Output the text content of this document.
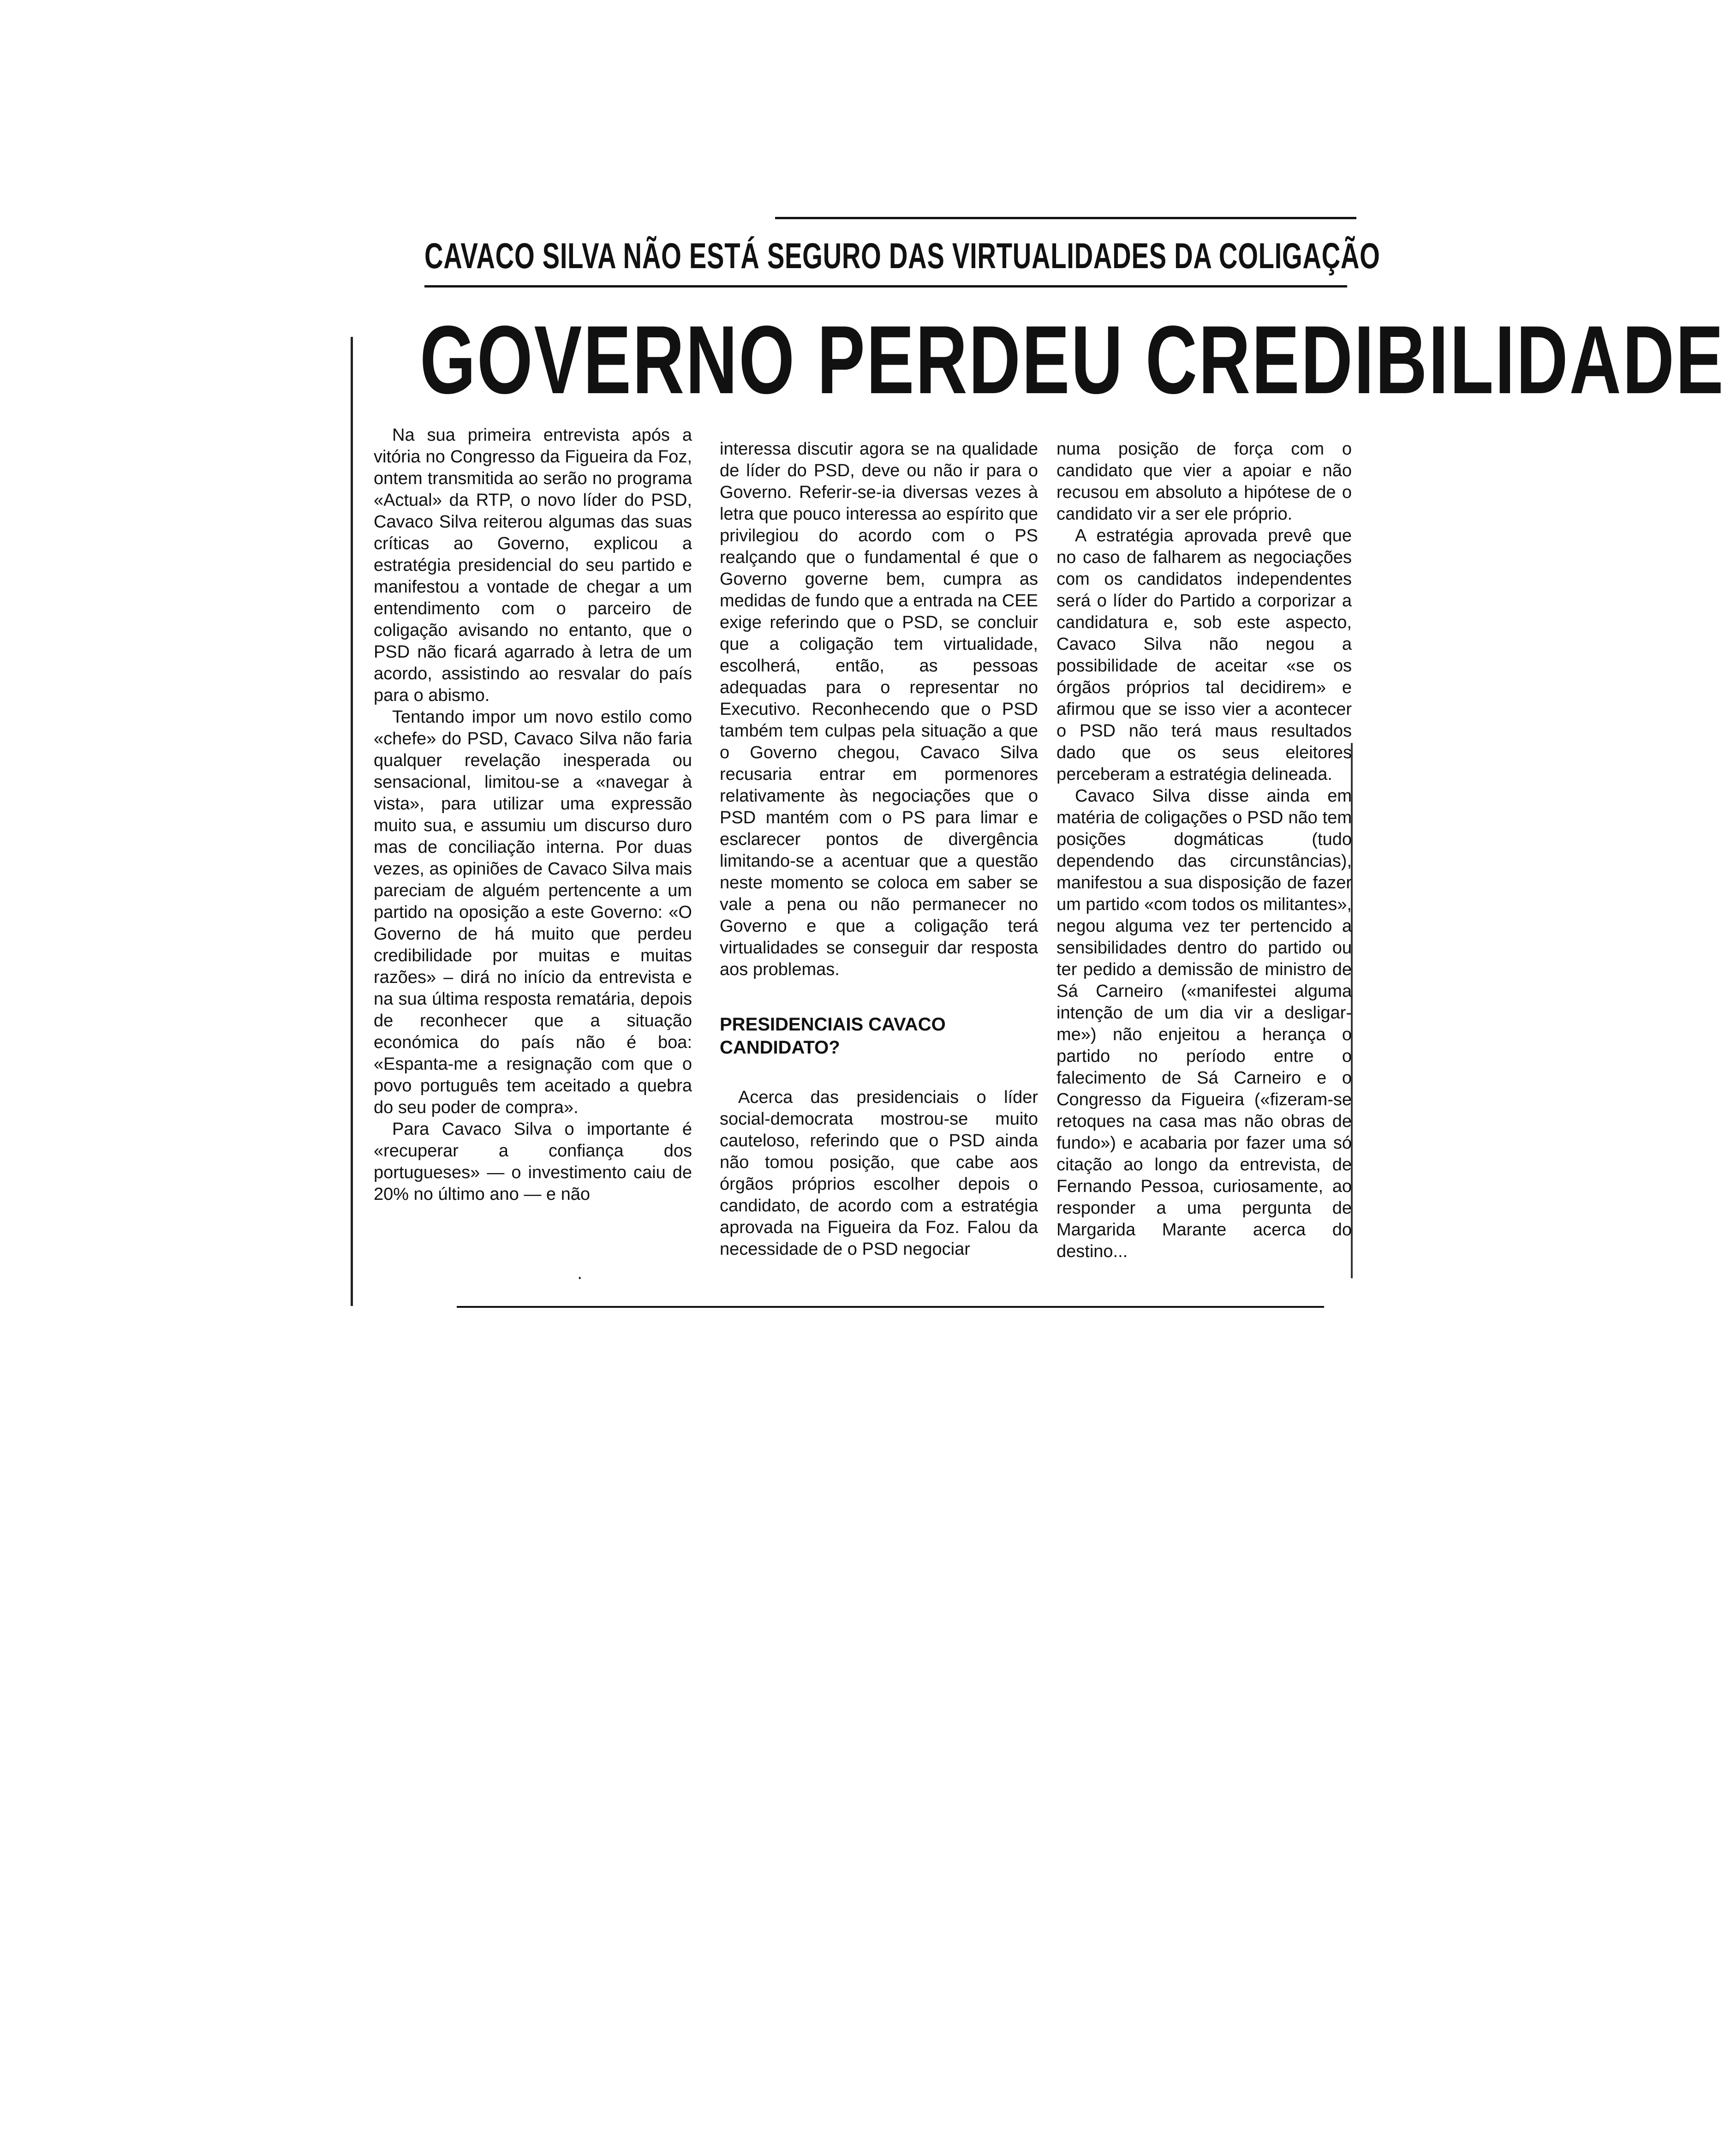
CAVACO SILVA NÃO ESTÁ SEGURO DAS VIRTUALIDADES DA COLIGAÇÃO
GOVERNO PERDEU CREDIBILIDADE

Na sua primeira entrevista após a vitória no Congresso da Figueira da Foz, ontem transmitida ao serão no programa «Actual» da RTP, o novo líder do PSD, Cavaco Silva reiterou algumas das suas críticas ao Governo, explicou a estratégia presidencial do seu partido e manifestou a vontade de chegar a um entendimento com o parceiro de coligação avisando no entanto, que o PSD não ficará agarrado à letra de um acordo, assistindo ao resvalar do país para o abismo.

Tentando impor um novo estilo como «chefe» do PSD, Cavaco Silva não faria qualquer revelação inesperada ou sensacional, limitou-se a «navegar à vista», para utilizar uma expressão muito sua, e assumiu um discurso duro mas de conciliação interna. Por duas vezes, as opiniões de Cavaco Silva mais pareciam de alguém pertencente a um partido na oposição a este Governo: «O Governo de há muito que perdeu credibilidade por muitas e muitas razões» – dirá no início da entrevista e na sua última resposta rematária, depois de reconhecer que a situação económica do país não é boa: «Espanta-me a resignação com que o povo português tem aceitado a quebra do seu poder de compra».

Para Cavaco Silva o importante é «recuperar a confiança dos portugueses» — o investimento caiu de 20% no último ano — e não

interessa discutir agora se na qualidade de líder do PSD, deve ou não ir para o Governo. Referir-se-ia diversas vezes à letra que pouco interessa ao espírito que privilegiou do acordo com o PS realçando que o fundamental é que o Governo governe bem, cumpra as medidas de fundo que a entrada na CEE exige referindo que o PSD, se concluir que a coligação tem virtualidade, escolherá, então, as pessoas adequadas para o representar no Executivo. Reconhecendo que o PSD também tem culpas pela situação a que o Governo chegou, Cavaco Silva recusaria entrar em pormenores relativamente às negociações que o PSD mantém com o PS para limar e esclarecer pontos de divergência limitando-se a acentuar que a questão neste momento se coloca em saber se vale a pena ou não permanecer no Governo e que a coligação terá virtualidades se conseguir dar resposta aos problemas.

PRESIDENCIAIS CAVACO CANDIDATO?

Acerca das presidenciais o líder social-democrata mostrou-se muito cauteloso, referindo que o PSD ainda não tomou posição, que cabe aos órgãos próprios escolher depois o candidato, de acordo com a estratégia aprovada na Figueira da Foz. Falou da necessidade de o PSD negociar

numa posição de força com o candidato que vier a apoiar e não recusou em absoluto a hipótese de o candidato vir a ser ele próprio.

A estratégia aprovada prevê que no caso de falharem as negociações com os candidatos independentes será o líder do Partido a corporizar a candidatura e, sob este aspecto, Cavaco Silva não negou a possibilidade de aceitar «se os órgãos próprios tal decidirem» e afirmou que se isso vier a acontecer o PSD não terá maus resultados dado que os seus eleitores perceberam a estratégia delineada.

Cavaco Silva disse ainda em matéria de coligações o PSD não tem posições dogmáticas (tudo dependendo das circunstâncias), manifestou a sua disposição de fazer um partido «com todos os militantes», negou alguma vez ter pertencido a sensibilidades dentro do partido ou ter pedido a demissão de ministro de Sá Carneiro («manifestei alguma intenção de um dia vir a desligar-me») não enjeitou a herança o partido no período entre o falecimento de Sá Carneiro e o Congresso da Figueira («fizeram-se retoques na casa mas não obras de fundo») e acabaria por fazer uma só citação ao longo da entrevista, de Fernando Pessoa, curiosamente, ao responder a uma pergunta de Margarida Marante acerca do destino...

·
